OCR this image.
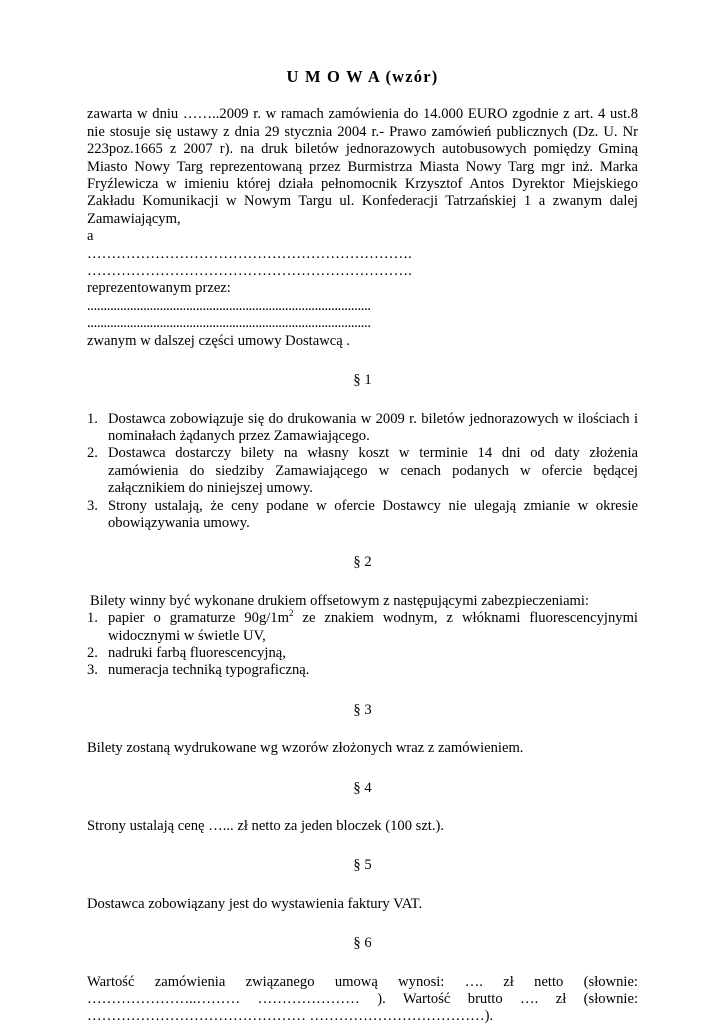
U M O W A (wzór)

zawarta w dniu ……..2009 r. w ramach zamówienia do 14.000 EURO zgodnie z art. 4 ust.8 nie stosuje się ustawy z dnia 29 stycznia 2004 r.- Prawo zamówień publicznych (Dz. U. Nr 223poz.1665 z 2007 r). na druk biletów jednorazowych autobusowych pomiędzy Gminą Miasto Nowy Targ reprezentowaną przez Burmistrza Miasta Nowy Targ mgr inż. Marka Fryźlewicza w imieniu której działa pełnomocnik Krzysztof Antos Dyrektor Miejskiego Zakładu Komunikacji w Nowym Targu ul. Konfederacji Tatrzańskiej 1 a zwanym dalej Zamawiającym,

a

………………………………………………………….

………………………………………………………….

reprezentowanym przez:

......................................................................................

......................................................................................

zwanym w dalszej części umowy Dostawcą .

§ 1
1. Dostawca zobowiązuje się do drukowania w 2009 r. biletów jednorazowych w ilościach i nominałach żądanych przez Zamawiającego.
2. Dostawca dostarczy bilety na własny koszt w terminie 14 dni od daty złożenia zamówienia do siedziby Zamawiającego w cenach podanych w ofercie będącej załącznikiem do niniejszej umowy.
3. Strony ustalają, że ceny podane w ofercie Dostawcy nie ulegają zmianie w okresie obowiązywania umowy.
§ 2

Bilety winny być wykonane drukiem offsetowym z następującymi zabezpieczeniami:

1. papier o gramaturze $90g/1m^2$ ze znakiem wodnym, z włóknami fluorescencyjnymi widocznymi w świetle UV,
2. nadruki farbą fluorescencyjną,
3. numeracja techniką typograficzną.
§ 3

Bilety zostaną wydrukowane wg wzorów złożonych wraz z zamówieniem.

§ 4

Strony ustalają cenę …... zł netto za jeden bloczek (100 szt.).

§ 5

Dostawca zobowiązany jest do wystawienia faktury VAT.

§ 6

Wartość zamówienia związanego umową wynosi: …. zł netto (słownie: …………………..……… ………………… ). Wartość brutto …. zł (słownie: ……………………………………… ………………………………).
